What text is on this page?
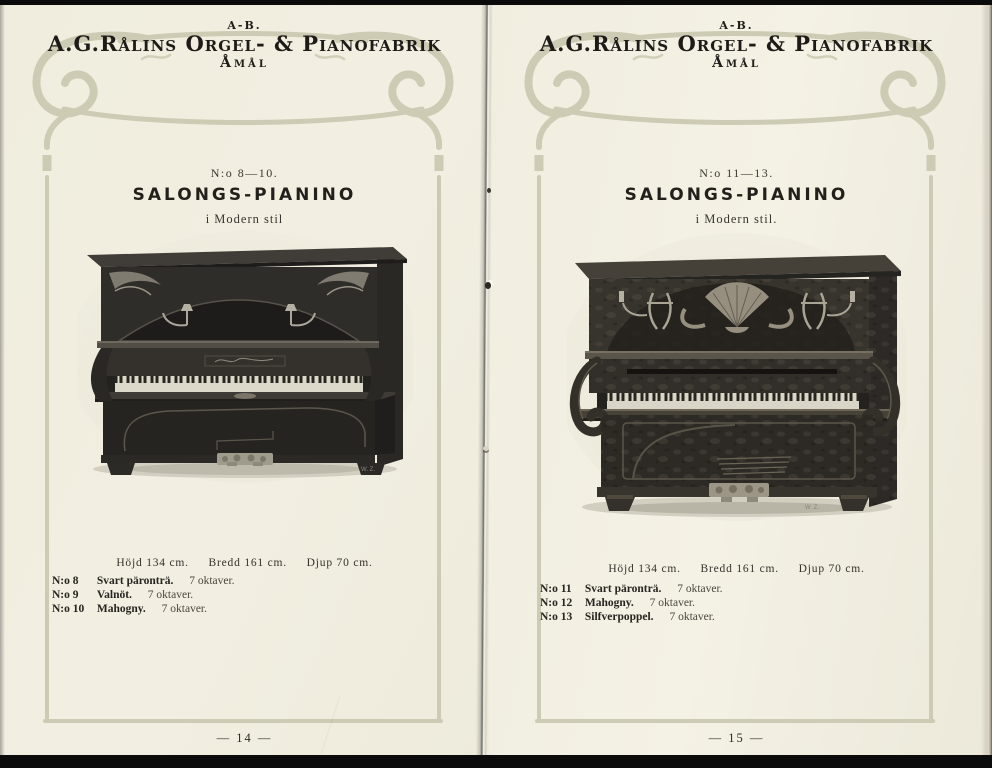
A-B.
A.G.Rålins Orgel- & Pianofabrik
Åmål
N:o 8—10.
SALONGS-PIANINO
i Modern stil
W. Z.
Höjd 134 cm. Bredd 161 cm. Djup 70 cm.
N:o 8 Svart päronträ. 7 oktaver.
N:o 9 Valnöt. 7 oktaver.
N:o 10 Mahogny. 7 oktaver.
— 14 —
A-B.
A.G.Rålins Orgel- & Pianofabrik
Åmål
N:o 11—13.
SALONGS-PIANINO
i Modern stil.
W. Z.
Höjd 134 cm. Bredd 161 cm. Djup 70 cm.
N:o 11 Svart päronträ. 7 oktaver.
N:o 12 Mahogny. 7 oktaver.
N:o 13 Silfverpoppel. 7 oktaver.
— 15 —
